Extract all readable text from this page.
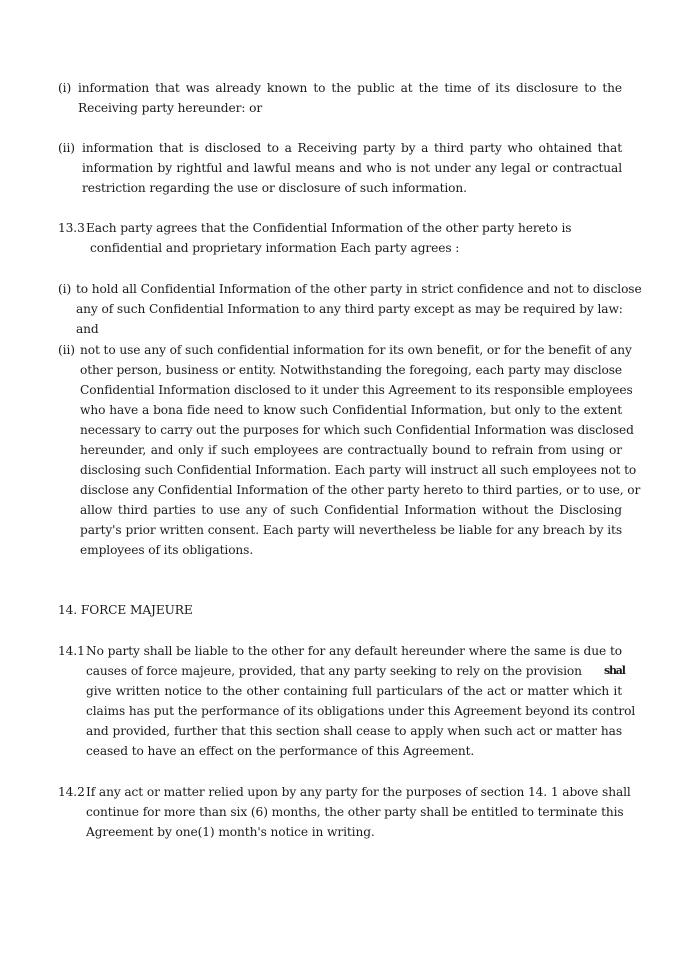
(i) information that was already known to the public at the time of its disclosure to the
Receiving party hereunder: or
(ii) information that is disclosed to a Receiving party by a third party who ohtained that
information by rightful and lawful means and who is not under any legal or contractual
restriction regarding the use or disclosure of such information.
13.3 Each party agrees that the Confidential Information of the other party hereto is
confidential and proprietary information Each party agrees :
(i) to hold all Confidential Information of the other party in strict confidence and not to disclose
any of such Confidential Information to any third party except as may be required by law:
and
(ii) not to use any of such confidential information for its own benefit, or for the benefit of any
other person, business or entity. Notwithstanding the foregoing, each party may disclose
Confidential Information disclosed to it under this Agreement to its responsible employees
who have a bona fide need to know such Confidential Information, but only to the extent
necessary to carry out the purposes for which such Confidential Information was disclosed
hereunder, and only if such employees are contractually bound to refrain from using or
disclosing such Confidential Information. Each party will instruct all such employees not to
disclose any Confidential Information of the other party hereto to third parties, or to use, or
allow third parties to use any of such Confidential Information without the Disclosing
party's prior written consent. Each party will nevertheless be liable for any breach by its
employees of its obligations.
14. FORCE MAJEURE
14.1 No party shall be liable to the other for any default hereunder where the same is due to
causes of force majeure, provided, that any party seeking to rely on the provision shal
give written notice to the other containing full particulars of the act or matter which it
claims has put the performance of its obligations under this Agreement beyond its control
and provided, further that this section shall cease to apply when such act or matter has
ceased to have an effect on the performance of this Agreement.
14.2 If any act or matter relied upon by any party for the purposes of section 14. 1 above shall
continue for more than six (6) months, the other party shall be entitled to terminate this
Agreement by one(1) month's notice in writing.
